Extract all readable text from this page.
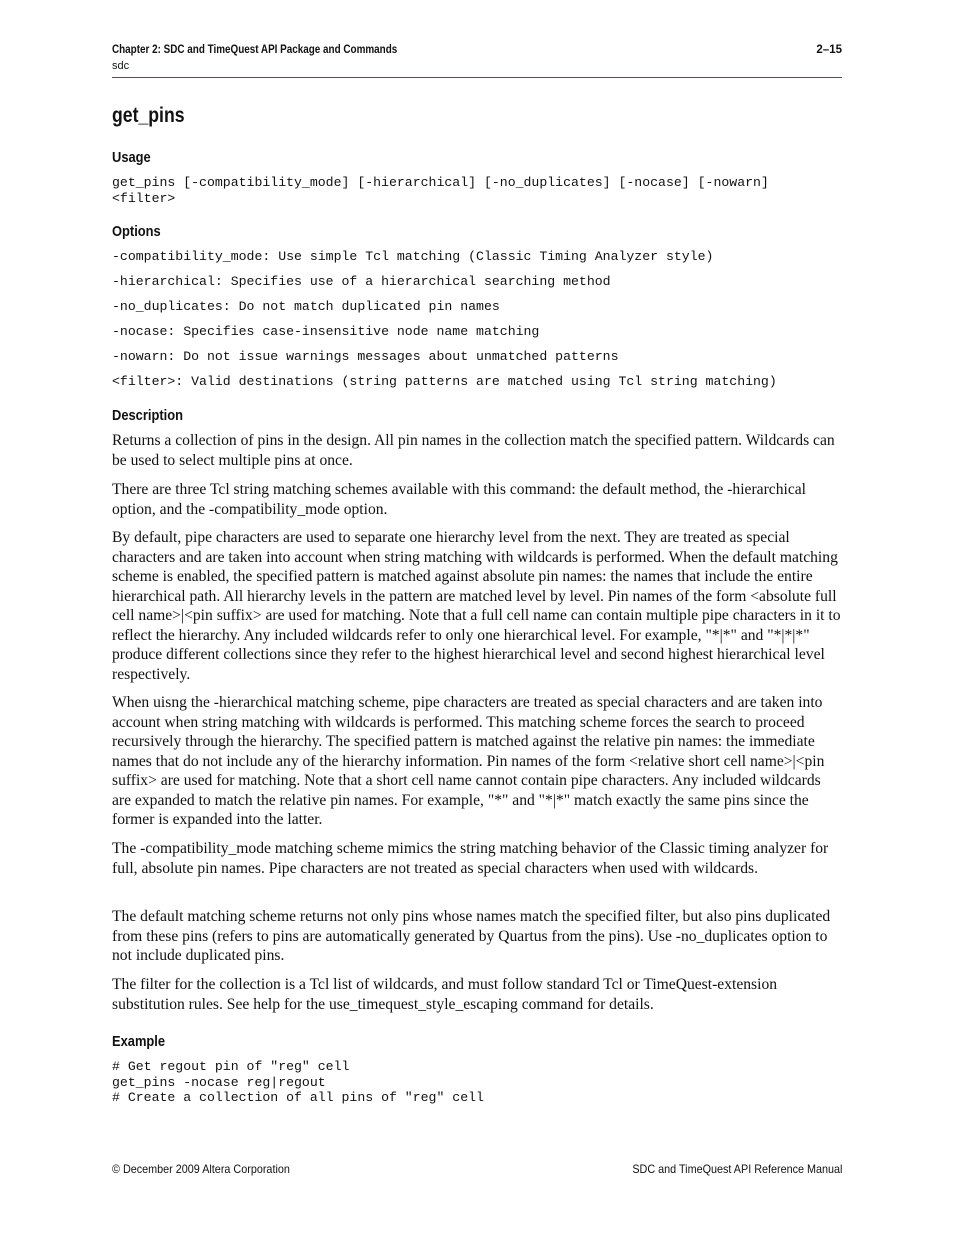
Chapter 2: SDC and TimeQuest API Package and Commands	2–15
sdc
get_pins
Usage
get_pins [-compatibility_mode] [-hierarchical] [-no_duplicates] [-nocase] [-nowarn]
<filter>
Options
-compatibility_mode: Use simple Tcl matching (Classic Timing Analyzer style)
-hierarchical: Specifies use of a hierarchical searching method
-no_duplicates: Do not match duplicated pin names
-nocase: Specifies case-insensitive node name matching
-nowarn: Do not issue warnings messages about unmatched patterns
<filter>: Valid destinations (string patterns are matched using Tcl string matching)
Description

Returns a collection of pins in the design. All pin names in the collection match the specified pattern. Wildcards can be used to select multiple pins at once.

There are three Tcl string matching schemes available with this command: the default method, the -hierarchical option, and the -compatibility_mode option.

By default, pipe characters are used to separate one hierarchy level from the next. They are treated as special characters and are taken into account when string matching with wildcards is performed. When the default matching scheme is enabled, the specified pattern is matched against absolute pin names: the names that include the entire hierarchical path. All hierarchy levels in the pattern are matched level by level. Pin names of the form <absolute full cell name>|<pin suffix> are used for matching. Note that a full cell name can contain multiple pipe characters in it to reflect the hierarchy. Any included wildcards refer to only one hierarchical level. For example, "*|*" and "*|*|*" produce different collections since they refer to the highest hierarchical level and second highest hierarchical level respectively.

When uisng the -hierarchical matching scheme, pipe characters are treated as special characters and are taken into account when string matching with wildcards is performed. This matching scheme forces the search to proceed recursively through the hierarchy. The specified pattern is matched against the relative pin names: the immediate names that do not include any of the hierarchy information. Pin names of the form <relative short cell name>|<pin suffix> are used for matching. Note that a short cell name cannot contain pipe characters. Any included wildcards are expanded to match the relative pin names. For example, "*" and "*|*" match exactly the same pins since the former is expanded into the latter.

The -compatibility_mode matching scheme mimics the string matching behavior of the Classic timing analyzer for full, absolute pin names. Pipe characters are not treated as special characters when used with wildcards.

The default matching scheme returns not only pins whose names match the specified filter, but also pins duplicated from these pins (refers to pins are automatically generated by Quartus from the pins). Use -no_duplicates option to not include duplicated pins.

The filter for the collection is a Tcl list of wildcards, and must follow standard Tcl or TimeQuest-extension substitution rules. See help for the use_timequest_style_escaping command for details.

Example
# Get regout pin of "reg" cell
get_pins -nocase reg|regout
# Create a collection of all pins of "reg" cell
© December 2009 Altera Corporation	SDC and TimeQuest API Reference Manual
